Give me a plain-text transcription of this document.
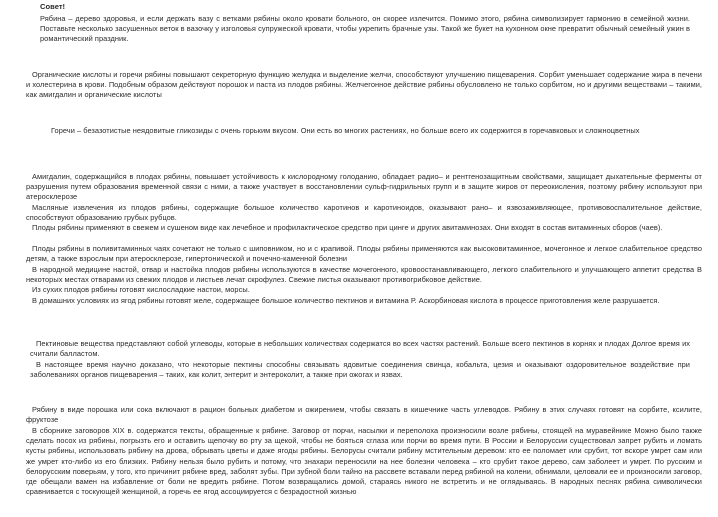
Совет!

Рябина – дерево здоровья, и если держать вазу с ветками рябины около кровати больного, он скорее излечится. Помимо этого, рябина символизирует гармонию в семейной жизни. Поставьте несколько засушенных веток в вазочку у изголовья супружеской кровати, чтобы укрепить брачные узы. Такой же букет на кухонном окне превратит обычный семейный ужин в романтический праздник.

Органические кислоты и горечи рябины повышают секреторную функцию желудка и выделение желчи, способствуют улучшению пищеварения. Сорбит уменьшает содержание жира в печени и холестерина в крови. Подобным образом действуют порошок и паста из плодов рябины. Желчегонное действие рябины обусловлено не только сорбитом, но и другими веществами – такими, как амигдалин и органические кислоты

Горечи – безазотистые неядовитые гликозиды с очень горьким вкусом. Они есть во многих растениях, но больше всего их содержится в горечавковых и сложноцветных

Амигдалин, содержащийся в плодах рябины, повышает устойчивость к кислородному голоданию, обладает радио– и рентгенозащитным свойствами, защищает дыхательные ферменты от разрушения путем образования временной связи с ними, а также участвует в восстановлении сульф-гидрильных групп и в защите жиров от переокисления, поэтому рябину используют при атеросклерозе

Масляные извлечения из плодов рябины, содержащие большое количество каротинов и каротиноидов, оказывают рано– и язвозаживляющее, противовоспалительное действие, способствуют образованию грубых рубцов.

Плоды рябины применяют в свежем и сушеном виде как лечебное и профилактическое средство при цинге и других авитаминозах. Они входят в состав витаминных сборов (чаев).

Плоды рябины в поливитаминных чаях сочетают не только с шиповником, но и с крапивой. Плоды рябины применяются как высоковитаминное, мочегонное и легкое слабительное средство детям, а также взрослым при атеросклерозе, гипертонической и почечно-каменной болезни

В народной медицине настой, отвар и настойка плодов рябины используются в качестве мочегонного, кровоостанавливающего, легкого слабительного и улучшающего аппетит средства В некоторых местах отварами из свежих плодов и листьев лечат скрофулез. Свежие листья оказывают противогрибковое действие.

Из сухих плодов рябины готовят кислосладкие настои, морсы.

В домашних условиях из ягод рябины готовят желе, содержащее большое количество пектинов и витамина Р. Аскорбиновая кислота в процессе приготовления желе разрушается.

Пектиновые вещества представляют собой углеводы, которые в небольших количествах содержатся во всех частях растений. Больше всего пектинов в корнях и плодах Долгое время их считали балластом.

В настоящее время научно доказано, что некоторые пектины способны связывать ядовитые соединения свинца, кобальта, цезия и оказывают оздоровительное воздействие при заболеваниях органов пищеварения – таких, как колит, энтерит и энтероколит, а также при ожогах и язвах.

Рябину в виде порошка или сока включают в рацион больных диабетом и ожирением, чтобы связать в кишечнике часть углеводов. Рябину в этих случаях готовят на сорбите, ксилите, фруктозе

В сборнике заговоров XIX в. содержатся тексты, обращенные к рябине. Заговор от порчи, насылки и переполоха произносили возле рябины, стоящей на муравейнике Можно было также сделать посох из рябины, погрызть его и оставить щепочку во рту за щекой, чтобы не бояться сглаза или порчи во время пути. В России и Белоруссии существовал запрет рубить и ломать кусты рябины, использовать рябину на дрова, обрывать цветы и даже ягоды рябины. Белорусы считали рябину мстительным деревом: кто ее поломает или срубит, тот вскоре умрет сам или же умрет кто-либо из его близких. Рябину нельзя было рубить и потому, что знахари переносили на нее болезни человека – кто срубит такое дерево, сам заболеет и умрет. По русским и белорусским поверьям, у того, кто причинит рябине вред, заболят зубы. При зубной боли тайно на рассвете вставали перед рябиной на колени, обнимали, целовали ее и произносили заговор, где обещали вамен на избавление от боли не вредить рябине. Потом возвращались домой, стараясь никого не встретить и не оглядываясь. В народных песнях рябина символически сравнивается с тоскующей женщиной, а горечь ее ягод ассоциируется с безрадостной жизнью
